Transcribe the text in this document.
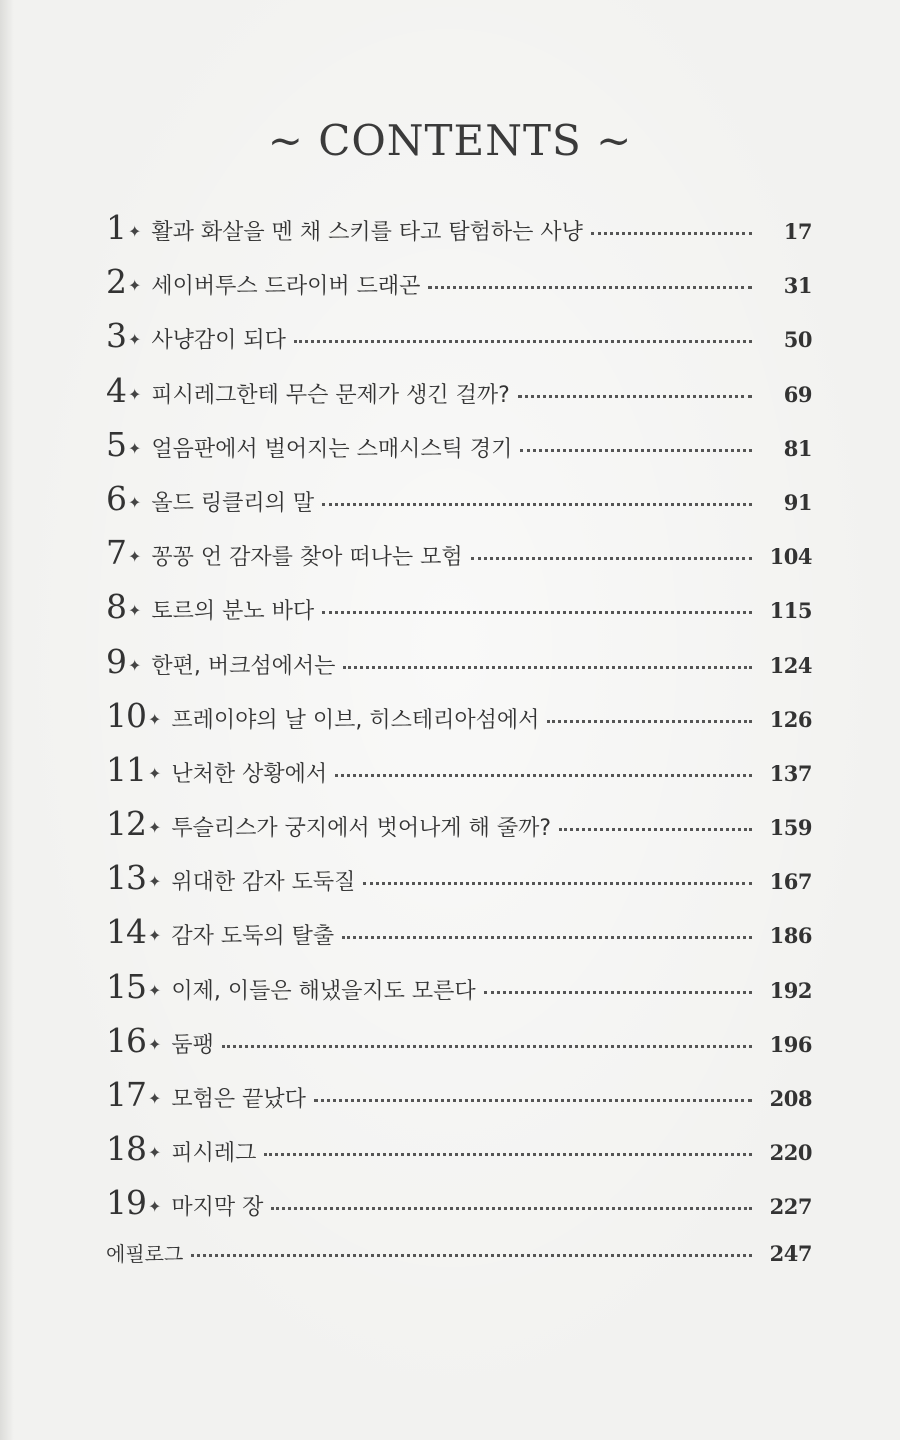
~ CONTENTS ~
1 ✦ 활과 화살을 멘 채 스키를 타고 탐험하는 사냥	17
2 ✦ 세이버투스 드라이버 드래곤	31
3 ✦ 사냥감이 되다	50
4 ✦ 피시레그한테 무슨 문제가 생긴 걸까?	69
5 ✦ 얼음판에서 벌어지는 스매시스틱 경기	81
6 ✦ 올드 링클리의 말	91
7 ✦ 꽁꽁 언 감자를 찾아 떠나는 모험	104
8 ✦ 토르의 분노 바다	115
9 ✦ 한편, 버크섬에서는	124
10 ✦ 프레이야의 날 이브, 히스테리아섬에서	126
11 ✦ 난처한 상황에서	137
12 ✦ 투슬리스가 궁지에서 벗어나게 해 줄까?	159
13 ✦ 위대한 감자 도둑질	167
14 ✦ 감자 도둑의 탈출	186
15 ✦ 이제, 이들은 해냈을지도 모른다	192
16 ✦ 둠팽	196
17 ✦ 모험은 끝났다	208
18 ✦ 피시레그	220
19 ✦ 마지막 장	227
에필로그	247
